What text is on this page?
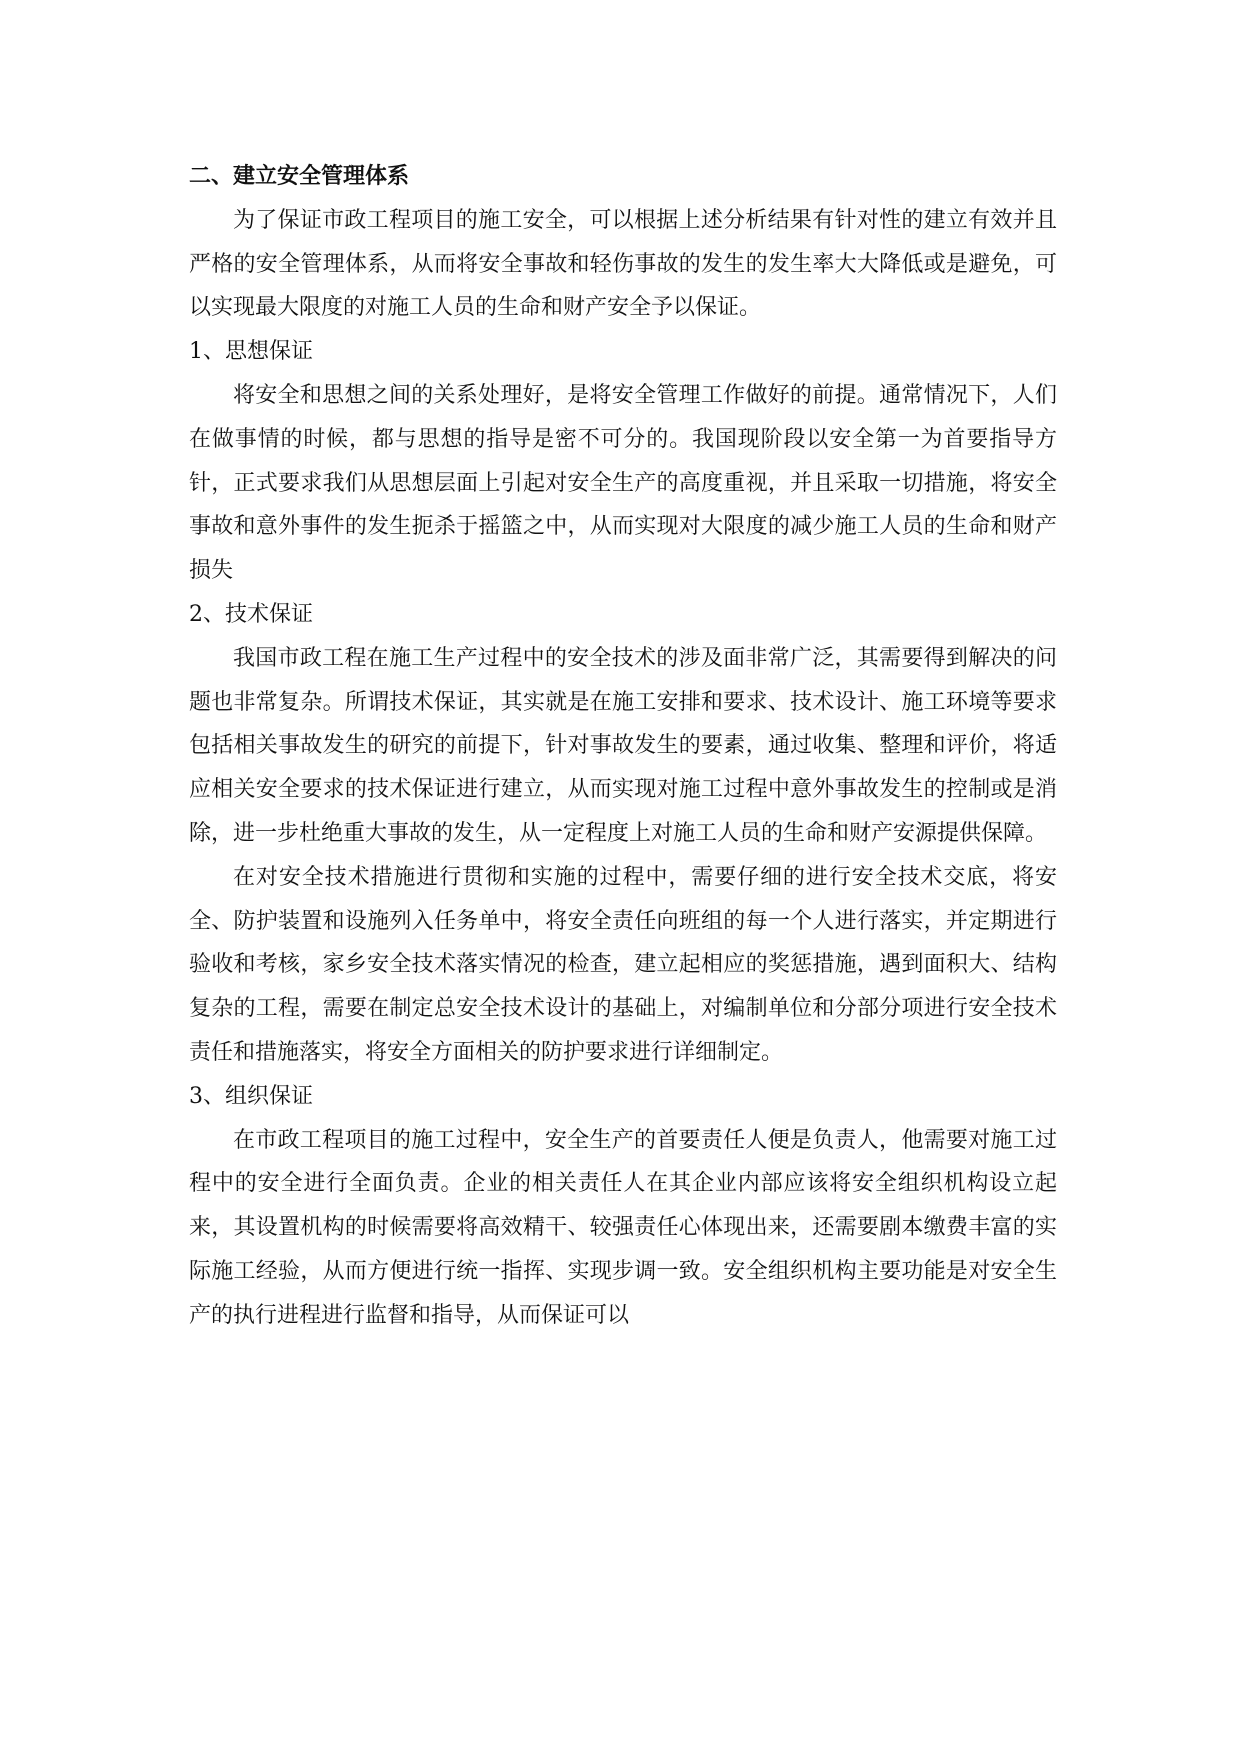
二、建立安全管理体系

为了保证市政工程项目的施工安全，可以根据上述分析结果有针对性的建立有效并且严格的安全管理体系，从而将安全事故和轻伤事故的发生的发生率大大降低或是避免，可以实现最大限度的对施工人员的生命和财产安全予以保证。

1、思想保证

将安全和思想之间的关系处理好，是将安全管理工作做好的前提。通常情况下，人们在做事情的时候，都与思想的指导是密不可分的。我国现阶段以安全第一为首要指导方针，正式要求我们从思想层面上引起对安全生产的高度重视，并且采取一切措施，将安全事故和意外事件的发生扼杀于摇篮之中，从而实现对大限度的减少施工人员的生命和财产损失

2、技术保证

我国市政工程在施工生产过程中的安全技术的涉及面非常广泛，其需要得到解决的问题也非常复杂。所谓技术保证，其实就是在施工安排和要求、技术设计、施工环境等要求包括相关事故发生的研究的前提下，针对事故发生的要素，通过收集、整理和评价，将适应相关安全要求的技术保证进行建立，从而实现对施工过程中意外事故发生的控制或是消除，进一步杜绝重大事故的发生，从一定程度上对施工人员的生命和财产安源提供保障。

在对安全技术措施进行贯彻和实施的过程中，需要仔细的进行安全技术交底，将安全、防护装置和设施列入任务单中，将安全责任向班组的每一个人进行落实，并定期进行验收和考核，家乡安全技术落实情况的检查，建立起相应的奖惩措施，遇到面积大、结构复杂的工程，需要在制定总安全技术设计的基础上，对编制单位和分部分项进行安全技术责任和措施落实，将安全方面相关的防护要求进行详细制定。

3、组织保证

在市政工程项目的施工过程中，安全生产的首要责任人便是负责人，他需要对施工过程中的安全进行全面负责。企业的相关责任人在其企业内部应该将安全组织机构设立起来，其设置机构的时候需要将高效精干、较强责任心体现出来，还需要剧本缴费丰富的实际施工经验，从而方便进行统一指挥、实现步调一致。安全组织机构主要功能是对安全生产的执行进程进行监督和指导，从而保证可以
